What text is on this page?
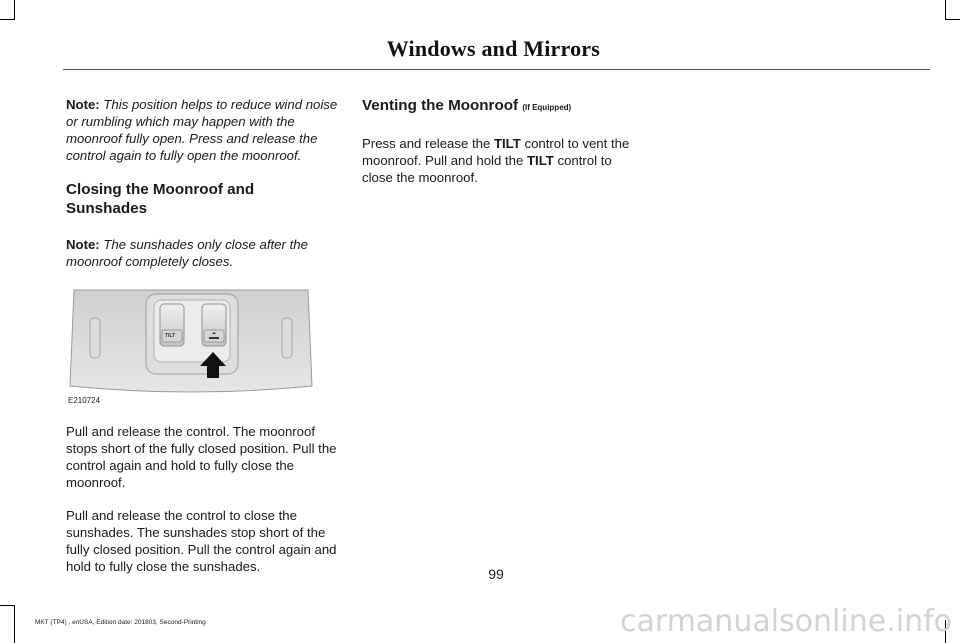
Windows and Mirrors

Note: This position helps to reduce wind noise or rumbling which may happen with the moonroof fully open. Press and release the control again to fully open the moonroof.

Closing the Moonroof and Sunshades

Note: The sunshades only close after the moonroof completely closes.

TILT
E210724

Pull and release the control. The moonroof stops short of the fully closed position. Pull the control again and hold to fully close the moonroof.

Pull and release the control to close the sunshades. The sunshades stop short of the fully closed position. Pull the control again and hold to fully close the sunshades.

Venting the Moonroof (If Equipped)

Press and release the TILT control to vent the moonroof. Pull and hold the TILT control to close the moonroof.

99
MKT (TP4) , enUSA, Edition date: 201803, Second-Printing	carmanualsonline.info
